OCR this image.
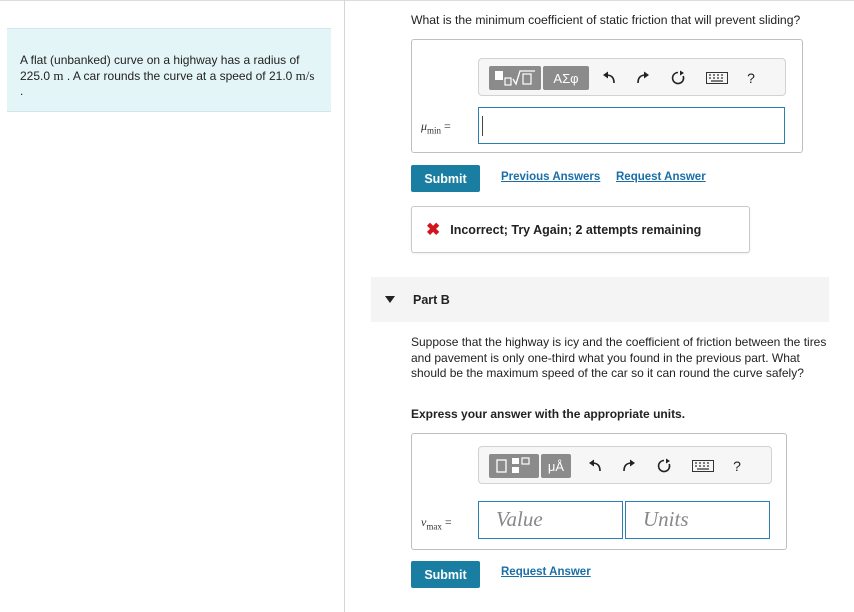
A flat (unbanked) curve on a highway has a radius of 225.0 m . A car rounds the curve at a speed of 21.0 m/s .
What is the minimum coefficient of static friction that will prevent sliding?
ΑΣφ	?
$\mu_{min}$ =
Submit	Previous Answers Request Answer
✖ Incorrect; Try Again; 2 attempts remaining
Part B
Suppose that the highway is icy and the coefficient of friction between the tires and pavement is only one-third what you found in the previous part. What should be the maximum speed of the car so it can round the curve safely?
Express your answer with the appropriate units.
μÅ	?
$v_{max}$ =	Value	Units
Submit	Request Answer
